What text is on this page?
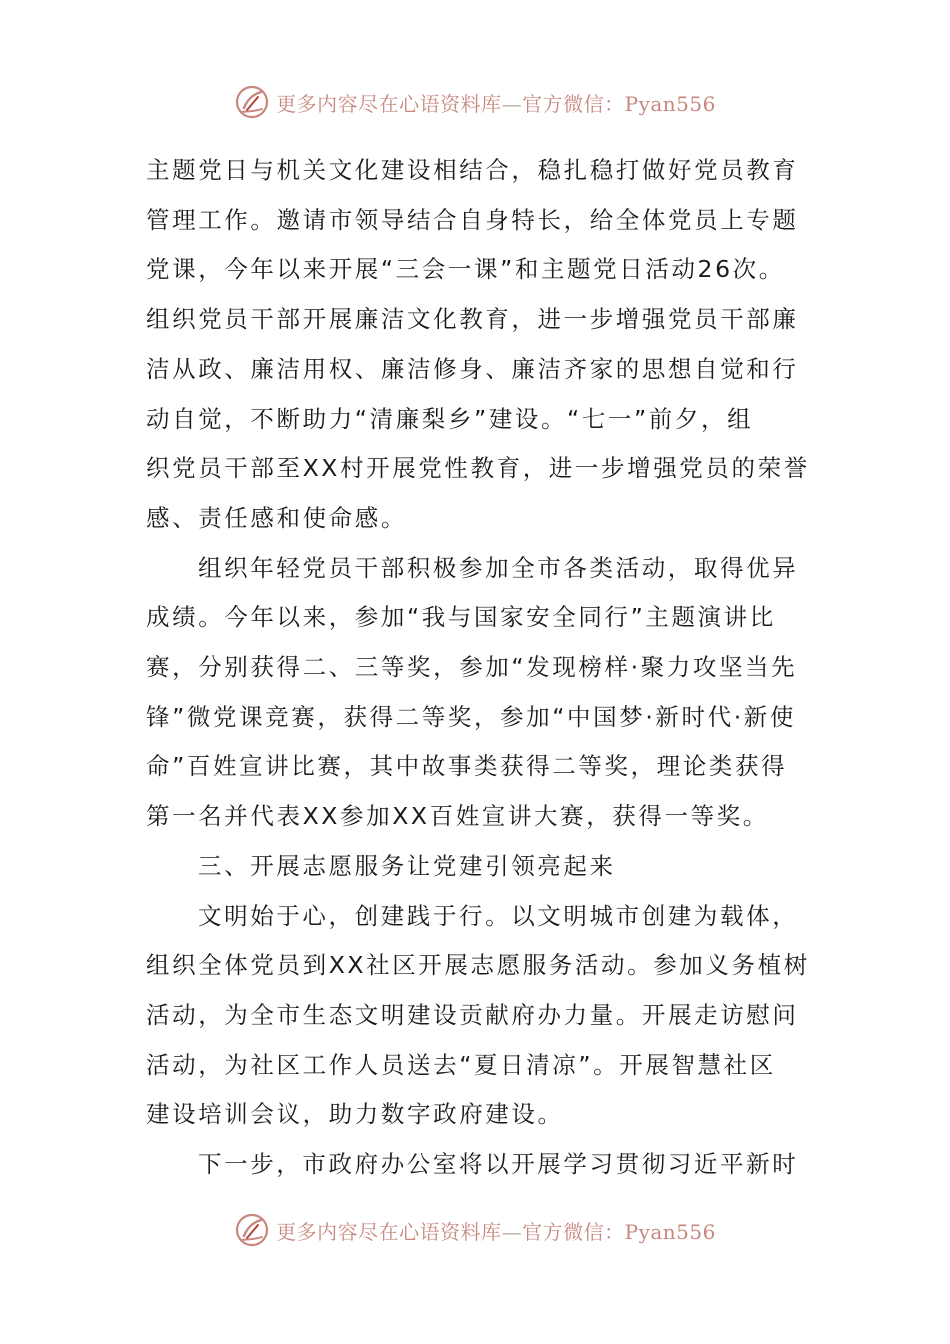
更多内容尽在心语资料库—官方微信：Pyan556

主题党日与机关文化建设相结合，稳扎稳打做好党员教育
管理工作。邀请市领导结合自身特长，给全体党员上专题
党课，今年以来开展“三会一课”和主题党日活动26次。
组织党员干部开展廉洁文化教育，进一步增强党员干部廉
洁从政、廉洁用权、廉洁修身、廉洁齐家的思想自觉和行
动自觉，不断助力“清廉梨乡”建设。“七一”前夕，组
织党员干部至XX村开展党性教育，进一步增强党员的荣誉
感、责任感和使命感。

组织年轻党员干部积极参加全市各类活动，取得优异
成绩。今年以来，参加“我与国家安全同行”主题演讲比
赛，分别获得二、三等奖，参加“发现榜样·聚力攻坚当先
锋”微党课竞赛，获得二等奖，参加“中国梦·新时代·新使
命”百姓宣讲比赛，其中故事类获得二等奖，理论类获得
第一名并代表XX参加XX百姓宣讲大赛，获得一等奖。

三、开展志愿服务让党建引领亮起来

文明始于心，创建践于行。以文明城市创建为载体，
组织全体党员到XX社区开展志愿服务活动。参加义务植树
活动，为全市生态文明建设贡献府办力量。开展走访慰问
活动，为社区工作人员送去“夏日清凉”。开展智慧社区
建设培训会议，助力数字政府建设。

下一步，市政府办公室将以开展学习贯彻习近平新时

更多内容尽在心语资料库—官方微信：Pyan556
